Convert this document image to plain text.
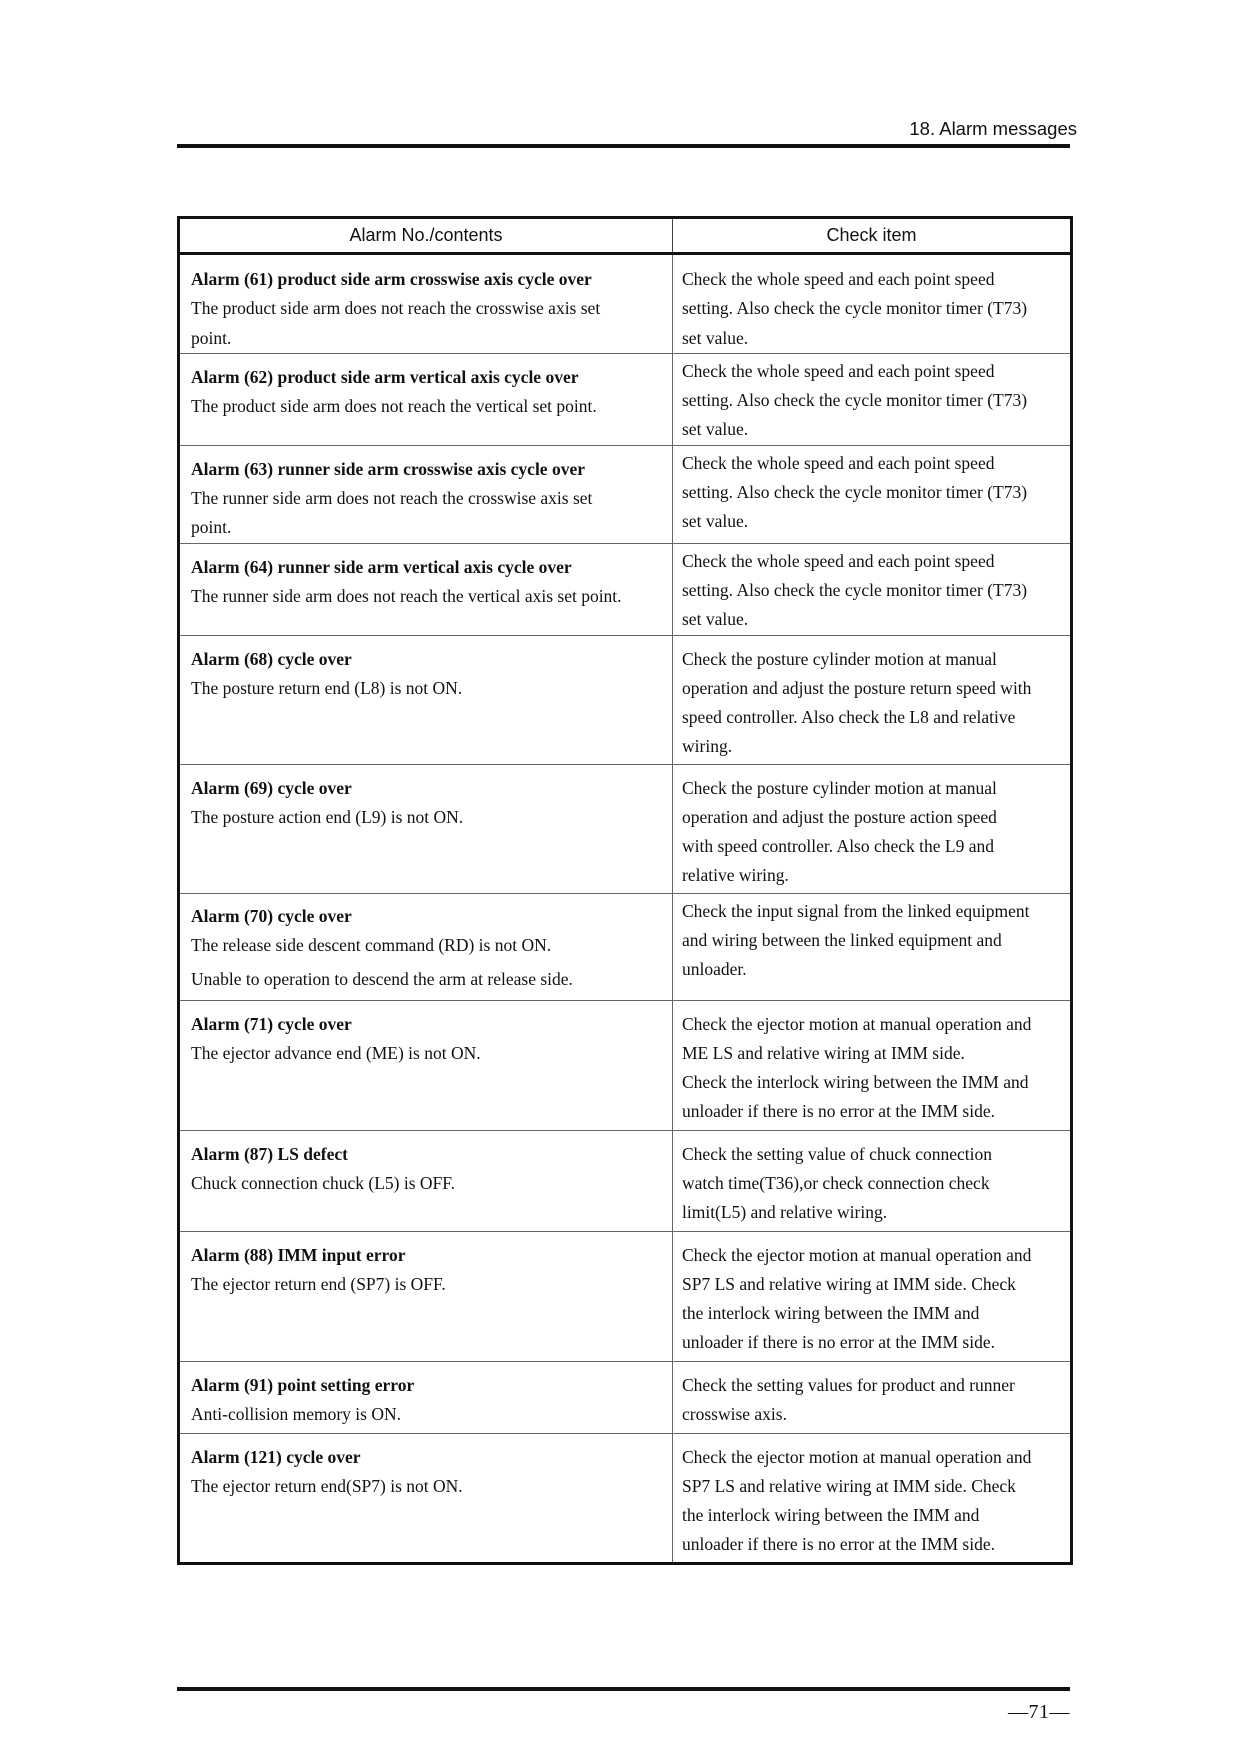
18. Alarm messages
Alarm No./contents	Check item

Alarm (61) product side arm crosswise axis cycle over
The product side arm does not reach the crosswise axis set
point.	Check the whole speed and each point speed
setting. Also check the cycle monitor timer (T73)
set value.

Alarm (62) product side arm vertical axis cycle over
The product side arm does not reach the vertical set point.	Check the whole speed and each point speed
setting. Also check the cycle monitor timer (T73)
set value.

Alarm (63) runner side arm crosswise axis cycle over
The runner side arm does not reach the crosswise axis set
point.	Check the whole speed and each point speed
setting. Also check the cycle monitor timer (T73)
set value.

Alarm (64) runner side arm vertical axis cycle over
The runner side arm does not reach the vertical axis set point.	Check the whole speed and each point speed
setting. Also check the cycle monitor timer (T73)
set value.

Alarm (68) cycle over
The posture return end (L8) is not ON.	Check the posture cylinder motion at manual
operation and adjust the posture return speed with
speed controller. Also check the L8 and relative
wiring.

Alarm (69) cycle over
The posture action end (L9) is not ON.	Check the posture cylinder motion at manual
operation and adjust the posture action speed
with speed controller. Also check the L9 and
relative wiring.

Alarm (70) cycle over
The release side descent command (RD) is not ON.
Unable to operation to descend the arm at release side.	Check the input signal from the linked equipment
and wiring between the linked equipment and
unloader.

Alarm (71) cycle over
The ejector advance end (ME) is not ON.	Check the ejector motion at manual operation and
ME LS and relative wiring at IMM side.
Check the interlock wiring between the IMM and
unloader if there is no error at the IMM side.

Alarm (87) LS defect
Chuck connection chuck (L5) is OFF.	Check the setting value of chuck connection
watch time(T36),or check connection check
limit(L5) and relative wiring.

Alarm (88) IMM input error
The ejector return end (SP7) is OFF.	Check the ejector motion at manual operation and
SP7 LS and relative wiring at IMM side. Check
the interlock wiring between the IMM and
unloader if there is no error at the IMM side.

Alarm (91) point setting error
Anti-collision memory is ON.	Check the setting values for product and runner
crosswise axis.

Alarm (121) cycle over
The ejector return end(SP7) is not ON.	Check the ejector motion at manual operation and
SP7 LS and relative wiring at IMM side. Check
the interlock wiring between the IMM and
unloader if there is no error at the IMM side.
—71—
